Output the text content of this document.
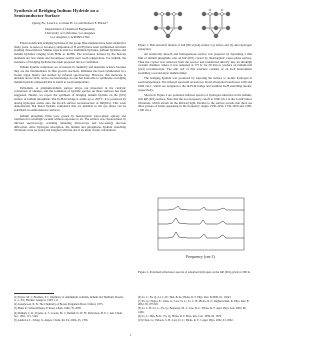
Synthesis of Bridging Indium Hydride on a
Semiconductor Surface
Qiang Fu, Lian Li, Connie H. Li and Robert F. Hicks*
Department of Chemical Engineering
University of California, Los Angeles
Los Angeles, CA 90095-1592

Electron-deficient bridging hydrides of the group IIIA elements have been studied for many years. A series of boranes (compounds of B and H) have been synthesized and their bonding characterized. Similar reports exist for aluminum hydrides, gallium hydrides and indium hydrides ranging from H2In to In2H6. The structures formed by the heavier elements are less stable and decompose readily near room temperature. For indium, the existence of bridging hydrides has been proposed but not confirmed.

Indium hydride complexes are of interest in chemistry and materials science because they are the intermediates in film growth reactions. Diindane has been synthesized in a frozen argon matrix and studied by infrared spectroscopy. However, this molecule is unstable above 50 K, and to our knowledge, no one has been able to synthesize a bridging indium hydride compound that is stable at room temperature.

Palladium- or platinum-indium surface alloys are important in the catalytic conversion of alkanes, and the formation of hydride species on these surfaces has been suggested. Herein, we report the synthesis of bridging indium hydride on the (001) surface of indium phosphide. The In-H-In bridge is stable up to 200°C. It is produced by dosing hydrogen atoms onto the In-rich surface reconstruction of InP(001). This work demonstrates that metal hydride complexes that are unstable in the gas phase can be stabilized on semiconductor surfaces.

Indium phosphide films were grown by metalorganic vapor-phase epitaxy and transferred to ultrahigh vacuum without exposure to air. The surface was characterized by infrared spectroscopy, scanning tunneling microscopy and low-energy electron diffraction. After hydrogen adsorption, the indium and phosphorus hydride stretching vibrations were recorded and assigned with the aid of ab initio cluster calculations.

Figure 1. Ball-and-stick models of InP (001)-(2x4) surface: (a) before and (b) after hydrogen adsorption.

An atomically smooth and homogeneous surface was prepared by depositing a thin film of indium phosphide onto an InP (001) crystal by metalorganic vapor-phase epitaxy. Then the crystal was removed from the reactor and transferred directly into an ultrahigh vacuum chamber, where it was annealed at 775 K for 30 min to produce an indium-rich (2x4) reconstruction. The unit cell of this structure consists of an In-P heterodimer straddling a second-layer indium dimer.

The bridging hydride was produced by exposing the surface to atomic hydrogen at room temperature. The infrared spectrum reveals two broad absorption bands near 1100 and 1600 cm-1, which are assigned to the In-H-In bridge and terminal In-H stretching modes, respectively.

Shown in Figure 2 are polarized infrared spectra of hydrogen adsorbed on the indium-rich InP (001) surface. Note that the low-frequency cutoff at 1000 cm-1 is due to InP lattice vibrations, which absorb all the infrared light. Parallel to the surface reveals that there are three groups of bands appearing in the frequency ranges 2350-2250, 1750-1650 and 1300-1100 cm-1.

Frequency (cm-1)

Figure 2. Polarized reflectance spectra of adsorbed hydrogen on the InP (001)-(2x4) at 300 K.

(1) Taylor, M. J.; Brothers, P. J. Chemistry of Aluminium, Gallium, Indium and Thallium; Downs, A. J., Ed.; Blackie: Glasgow, 1993; 111.

(2) Greenwood, N. N. The Chemistry of Boron; Pergamon Press: Oxford, 1975.

(3) Hunt, P.; Schwerdtfeger, P. Inorg. Chem. 1996, 35, 2085.

(4) Pulham, C. R.; Downs, A. J.; Goode, M. J.; Rankin, D. W. H.; Robertson, H. E. J. Am. Chem. Soc. 1991, 113, 5149.

(5) Andrews, L.; Wang, X. Angew. Chem. Int. Ed. 2004, 43, 1706.

(6) Li, L.; Fu, Q.; Li, C. H.; Han, B.-K.; Hicks, R. F. Phys. Rev. B 2000, 61, 10223.

(7) Fu, Q.; Negro, E.; Chen, G.; Law, D. C.; Li, C. H.; Hicks, R. F.; Raghavachari, K. Phys. Rev. B 2002, 65, 075318.

(8) Li, C. H.; Li, L.; Fu, Q.; Begarney, M. J.; Law, D. C.; Hicks, R. F. Appl. Phys. Lett. 2002, 80, 1406.

(9) Li, L.; Han, B.-K.; Fu, Q.; Hicks, R. F. Phys. Rev. Lett. 1999, 82, 1879.

(10) Chen, G.; Visbeck, S. B.; Law, D. C.; Hicks, R. F. J. Appl. Phys. 2002, 91, 9362.

1
